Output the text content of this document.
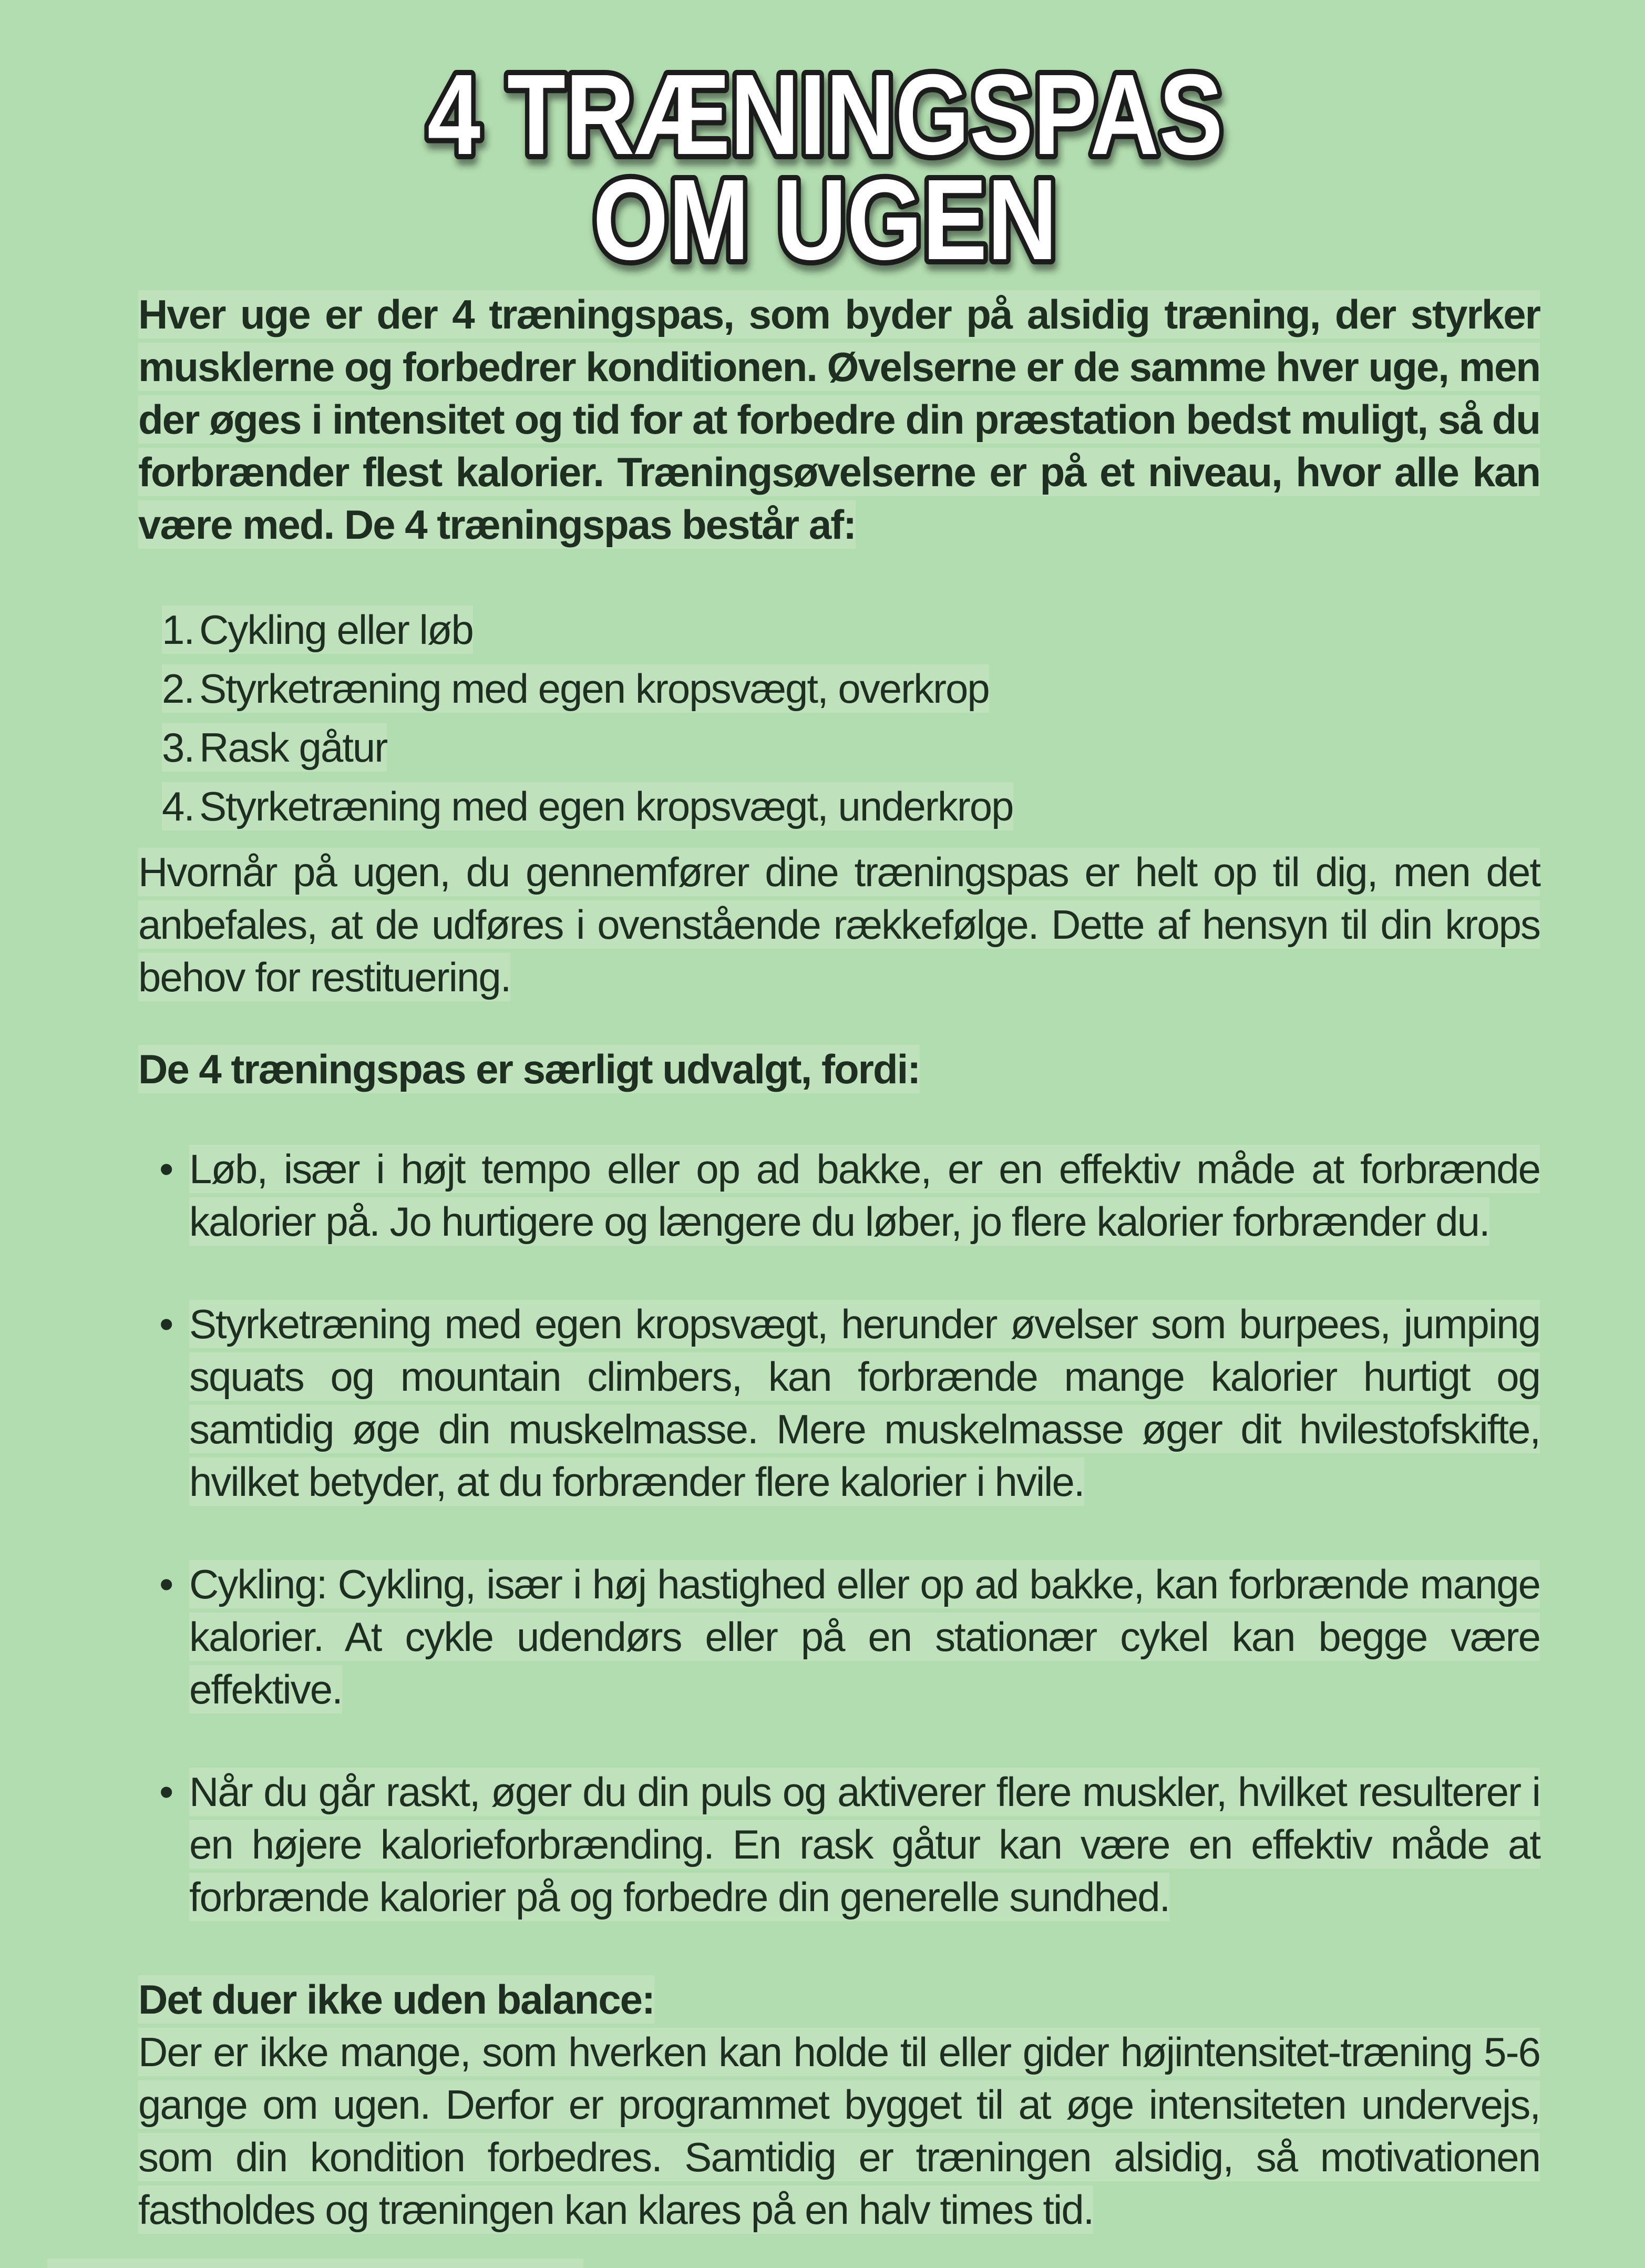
4 TRÆNINGSPAS
OM UGEN

Hver uge er der 4 træningspas, som byder på alsidig træning, der styrker musklerne og forbedrer konditionen. Øvelserne er de samme hver uge, men der øges i intensitet og tid for at forbedre din præstation bedst muligt, så du forbrænder flest kalorier. Træningsøvelserne er på et niveau, hvor alle kan være med. De 4 træningspas består af:

1. Cykling eller løb
2. Styrketræning med egen kropsvægt, overkrop
3. Rask gåtur
4. Styrketræning med egen kropsvægt, underkrop

Hvornår på ugen, du gennemfører dine træningspas er helt op til dig, men det anbefales, at de udføres i ovenstående rækkefølge. Dette af hensyn til din krops behov for restituering.

De 4 træningspas er særligt udvalgt, fordi:
• Løb, især i højt tempo eller op ad bakke, er en effektiv måde at forbrænde kalorier på. Jo hurtigere og længere du løber, jo flere kalorier forbrænder du.
• Styrketræning med egen kropsvægt, herunder øvelser som burpees, jumping squats og mountain climbers, kan forbrænde mange kalorier hurtigt og samtidig øge din muskelmasse. Mere muskelmasse øger dit hvilestofskifte, hvilket betyder, at du forbrænder flere kalorier i hvile.
• Cykling: Cykling, især i høj hastighed eller op ad bakke, kan forbrænde mange kalorier. At cykle udendørs eller på en stationær cykel kan begge være effektive.
• Når du går raskt, øger du din puls og aktiverer flere muskler, hvilket resulterer i en højere kalorieforbrænding. En rask gåtur kan være en effektiv måde at forbrænde kalorier på og forbedre din generelle sundhed.
Det duer ikke uden balance:

Der er ikke mange, som hverken kan holde til eller gider højintensitet-træning 5-6 gange om ugen. Derfor er programmet bygget til at øge intensiteten undervejs, som din kondition forbedres. Samtidig er træningen alsidig, så motivationen fastholdes og træningen kan klares på en halv times tid.
